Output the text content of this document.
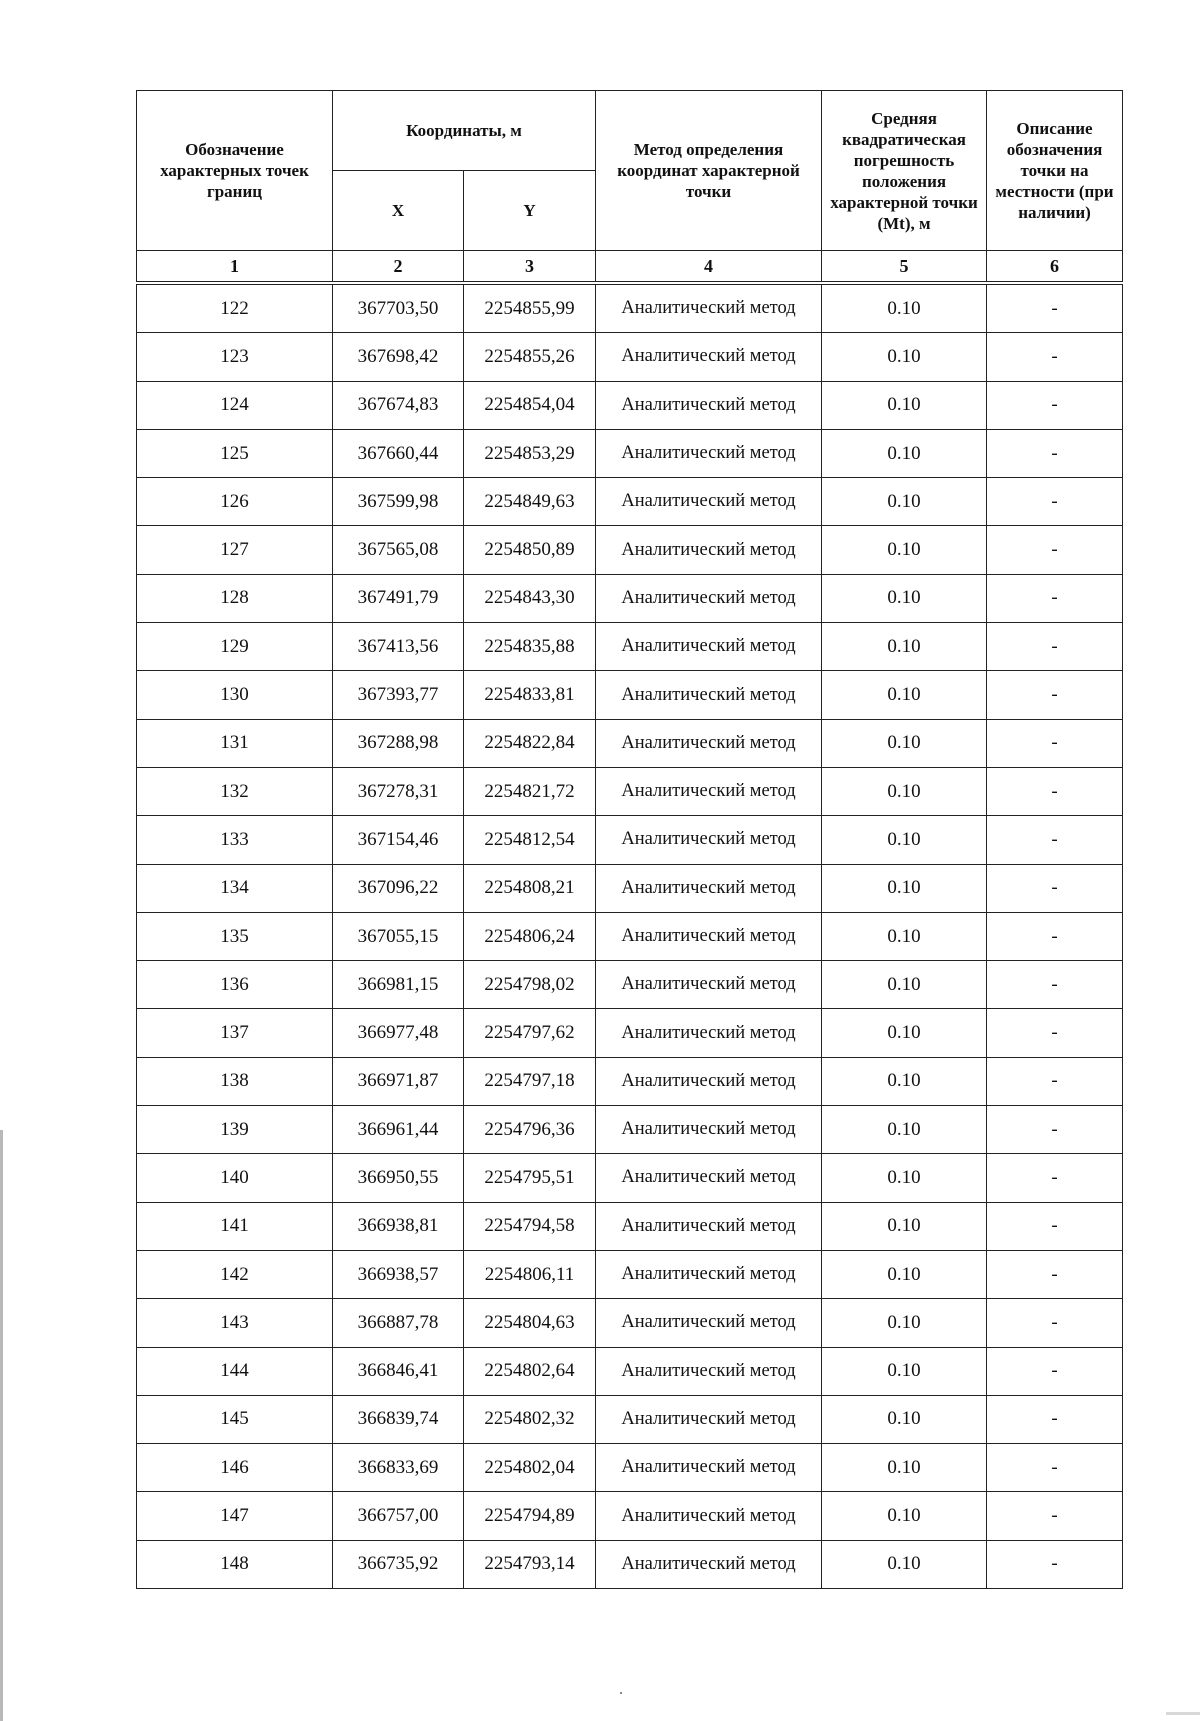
Обозначение характерных точек границ	Координаты, м		Метод определения координат характерной точки	Средняя квадратическая погрешность положения характерной точки (Mt), м	Описание обозначения точки на местности (при наличии)
	X	Y			
1	2	3	4	5	6

122	367703,50	2254855,99	Аналитический метод	0.10	-
123	367698,42	2254855,26	Аналитический метод	0.10	-
124	367674,83	2254854,04	Аналитический метод	0.10	-
125	367660,44	2254853,29	Аналитический метод	0.10	-
126	367599,98	2254849,63	Аналитический метод	0.10	-
127	367565,08	2254850,89	Аналитический метод	0.10	-
128	367491,79	2254843,30	Аналитический метод	0.10	-
129	367413,56	2254835,88	Аналитический метод	0.10	-
130	367393,77	2254833,81	Аналитический метод	0.10	-
131	367288,98	2254822,84	Аналитический метод	0.10	-
132	367278,31	2254821,72	Аналитический метод	0.10	-
133	367154,46	2254812,54	Аналитический метод	0.10	-
134	367096,22	2254808,21	Аналитический метод	0.10	-
135	367055,15	2254806,24	Аналитический метод	0.10	-
136	366981,15	2254798,02	Аналитический метод	0.10	-
137	366977,48	2254797,62	Аналитический метод	0.10	-
138	366971,87	2254797,18	Аналитический метод	0.10	-
139	366961,44	2254796,36	Аналитический метод	0.10	-
140	366950,55	2254795,51	Аналитический метод	0.10	-
141	366938,81	2254794,58	Аналитический метод	0.10	-
142	366938,57	2254806,11	Аналитический метод	0.10	-
143	366887,78	2254804,63	Аналитический метод	0.10	-
144	366846,41	2254802,64	Аналитический метод	0.10	-
145	366839,74	2254802,32	Аналитический метод	0.10	-
146	366833,69	2254802,04	Аналитический метод	0.10	-
147	366757,00	2254794,89	Аналитический метод	0.10	-
148	366735,92	2254793,14	Аналитический метод	0.10	-
